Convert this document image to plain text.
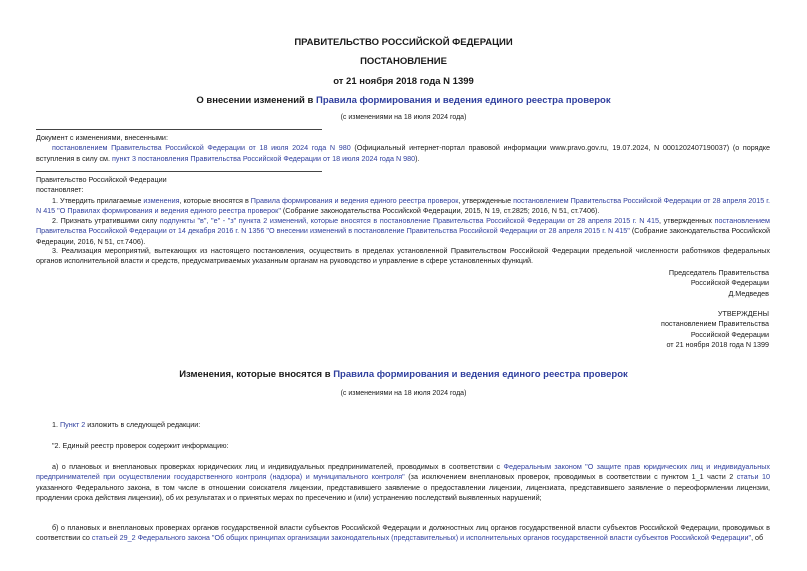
ПРАВИТЕЛЬСТВО РОССИЙСКОЙ ФЕДЕРАЦИИ
ПОСТАНОВЛЕНИЕ
от 21 ноября 2018 года N 1399
О внесении изменений в Правила формирования и ведения единого реестра проверок
(с изменениями на 18 июля 2024 года)
Документ с изменениями, внесенными:
постановлением Правительства Российской Федерации от 18 июля 2024 года N 980 (Официальный интернет-портал правовой информации www.pravo.gov.ru, 19.07.2024, N 0001202407190037) (о порядке вступления в силу см. пункт 3 постановления Правительства Российской Федерации от 18 июля 2024 года N 980).
Правительство Российской Федерации
постановляет:
1. Утвердить прилагаемые изменения, которые вносятся в Правила формирования и ведения единого реестра проверок, утвержденные постановлением Правительства Российской Федерации от 28 апреля 2015 г. N 415 "О Правилах формирования и ведения единого реестра проверок" (Собрание законодательства Российской Федерации, 2015, N 19, ст.2825; 2016, N 51, ст.7406).
2. Признать утратившими силу подпункты "в", "е" - "з" пункта 2 изменений, которые вносятся в постановление Правительства Российской Федерации от 28 апреля 2015 г. N 415, утвержденных постановлением Правительства Российской Федерации от 14 декабря 2016 г. N 1356 "О внесении изменений в постановление Правительства Российской Федерации от 28 апреля 2015 г. N 415" (Собрание законодательства Российской Федерации, 2016, N 51, ст.7406).
3. Реализация мероприятий, вытекающих из настоящего постановления, осуществить в пределах установленной Правительством Российской Федерации предельной численности работников федеральных органов исполнительной власти и средств, предусматриваемых указанным органам на руководство и управление в сфере установленных функций.
Председатель Правительства
Российской Федерации
Д.Медведев
УТВЕРЖДЕНЫ
постановлением Правительства
Российской Федерации
от 21 ноября 2018 года N 1399
Изменения, которые вносятся в Правила формирования и ведения единого реестра проверок
(с изменениями на 18 июля 2024 года)
1. Пункт 2 изложить в следующей редакции:
"2. Единый реестр проверок содержит информацию:
а) о плановых и внеплановых проверках юридических лиц и индивидуальных предпринимателей, проводимых в соответствии с Федеральным законом "О защите прав юридических лиц и индивидуальных предпринимателей при осуществлении государственного контроля (надзора) и муниципального контроля" (за исключением внеплановых проверок, проводимых в соответствии с пунктом 1_1 части 2 статьи 10 указанного Федерального закона, в том числе в отношении соискателя лицензии, представившего заявление о предоставлении лицензии, лицензиата, представившего заявление о переоформлении лицензии, продлении срока действия лицензии), об их результатах и о принятых мерах по пресечению и (или) устранению последствий выявленных нарушений;
б) о плановых и внеплановых проверках органов государственной власти субъектов Российской Федерации и должностных лиц органов государственной власти субъектов Российской Федерации, проводимых в соответствии со статьей 29_2 Федерального закона "Об общих принципах организации законодательных (представительных) и исполнительных органов государственной власти субъектов Российской Федерации", об
